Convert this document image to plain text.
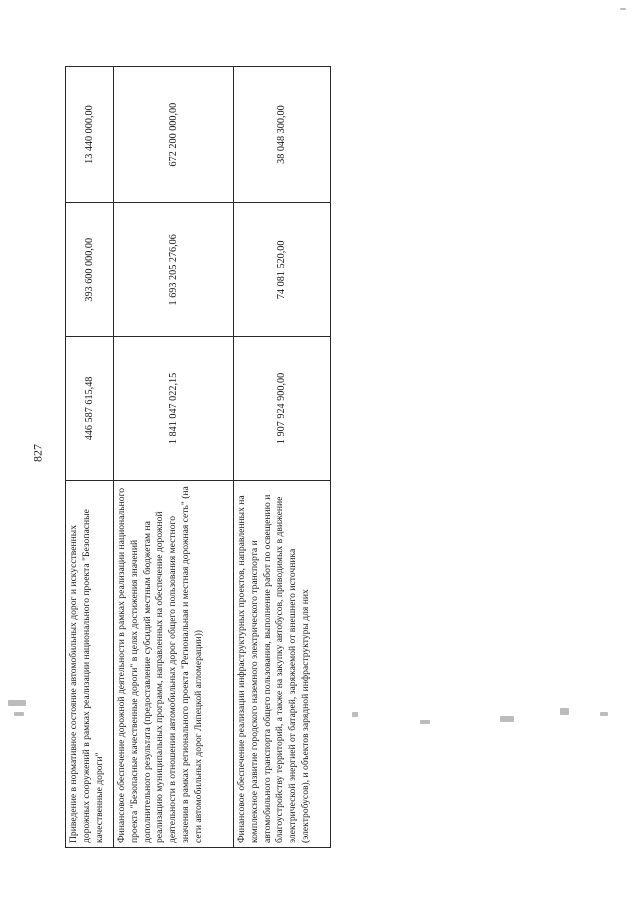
827
Приведение в нормативное состояние автомобильных дорог и искусственных дорожных сооружений в рамках реализации национального проекта "Безопасные качественные дороги"	446 587 615,48	393 600 000,00	13 440 000,00
Финансовое обеспечение дорожной деятельности в рамках реализации национального проекта "Безопасные качественные дороги" в целях достижения значений дополнительного результата (предоставление субсидий местным бюджетам на реализацию муниципальных программ, направленных на обеспечение дорожной деятельности в отношении автомобильных дорог общего пользования местного значения в рамках регионального проекта "Региональная и местная дорожная сеть" (на сети автомобильных дорог Липецкой агломерации))	1 841 047 022,15	1 693 205 276,06	672 200 000,00
Финансовое обеспечение реализации инфраструктурных проектов, направленных на комплексное развитие городского наземного электрического транспорта и автомобильного транспорта общего пользования, выполнение работ по освещению и благоустройству территорий, а также на закупку автобусов, приводимых в движение электрической энергией от батарей, заряжаемой от внешнего источника (электробусов), и объектов зарядной инфраструктуры для них	1 907 924 900,00	74 081 520,00	38 048 300,00
